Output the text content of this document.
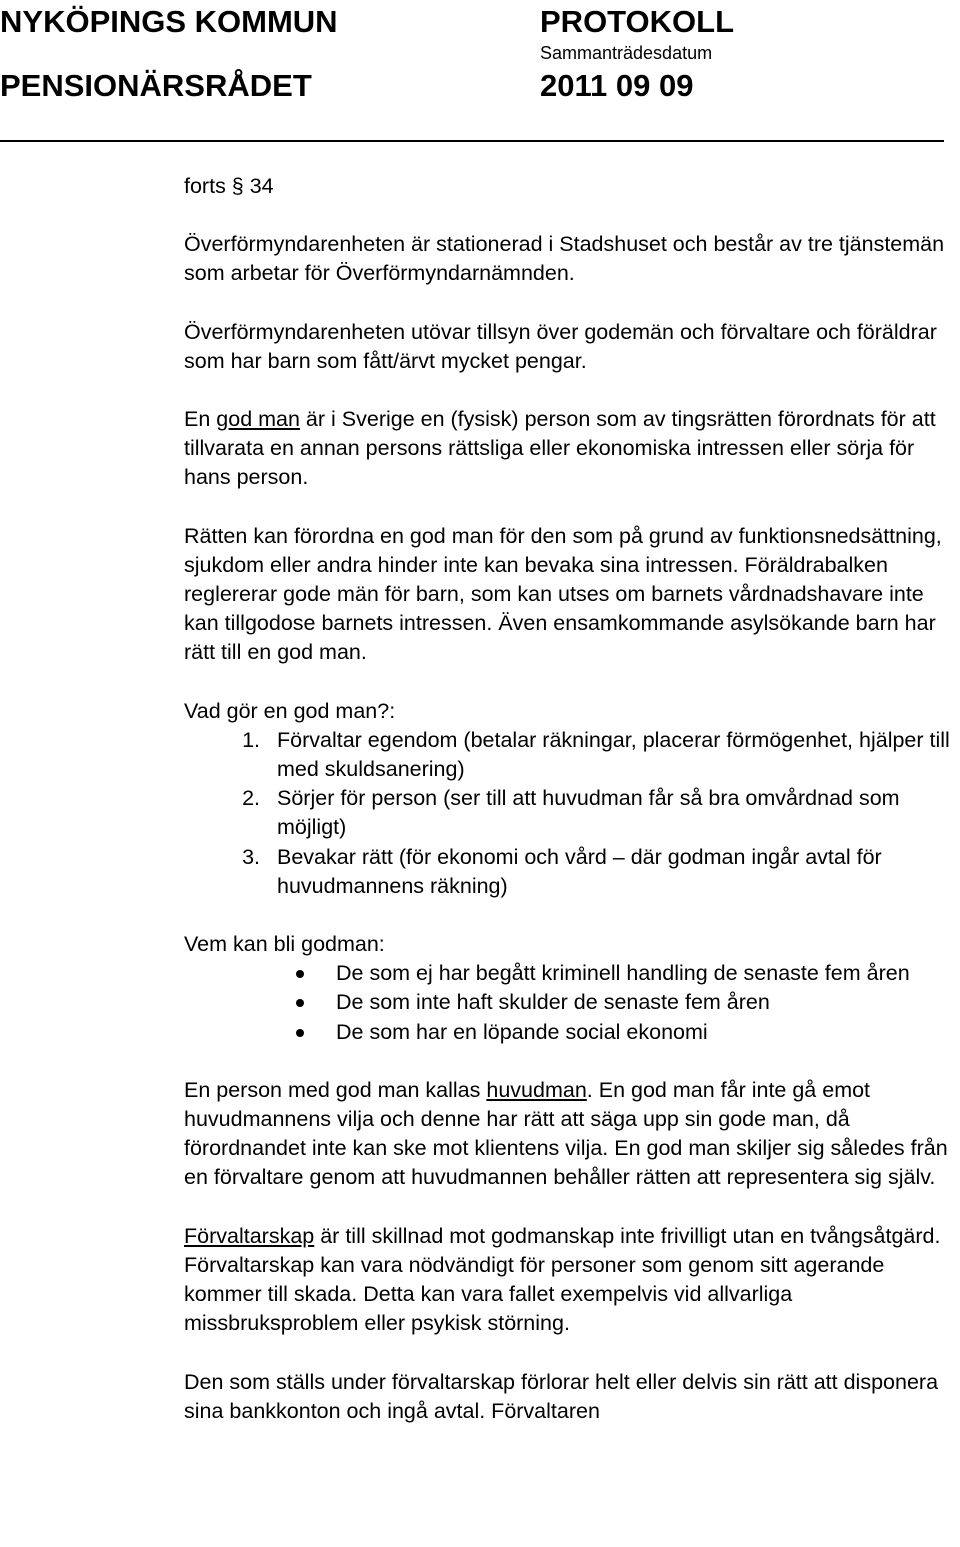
NYKÖPINGS KOMMUN	PROTOKOLL
Sammanträdesdatum
PENSIONÄRSRÅDET	2011 09 09

forts § 34

Överförmyndarenheten är stationerad i Stadshuset och består av tre tjänstemän som arbetar för Överförmyndarnämnden.

Överförmyndarenheten utövar tillsyn över godemän och förvaltare och föräldrar som har barn som fått/ärvt mycket pengar.

En god man är i Sverige en (fysisk) person som av tingsrätten förordnats för att tillvarata en annan persons rättsliga eller ekonomiska intressen eller sörja för hans person.

Rätten kan förordna en god man för den som på grund av funktionsnedsättning, sjukdom eller andra hinder inte kan bevaka sina intressen. Föräldrabalken reglererar gode män för barn, som kan utses om barnets vårdnadshavare inte kan tillgodose barnets intressen. Även ensamkommande asylsökande barn har rätt till en god man.

Vad gör en god man?:

1. Förvaltar egendom (betalar räkningar, placerar förmögenhet, hjälper till med skuldsanering)
2. Sörjer för person (ser till att huvudman får så bra omvårdnad som möjligt)
3. Bevakar rätt (för ekonomi och vård – där godman ingår avtal för huvudmannens räkning)

Vem kan bli godman:

De som ej har begått kriminell handling de senaste fem åren
De som inte haft skulder de senaste fem åren
De som har en löpande social ekonomi

En person med god man kallas huvudman. En god man får inte gå emot huvudmannens vilja och denne har rätt att säga upp sin gode man, då förordnandet inte kan ske mot klientens vilja. En god man skiljer sig således från en förvaltare genom att huvudmannen behåller rätten att representera sig själv.

Förvaltarskap är till skillnad mot godmanskap inte frivilligt utan en tvångsåtgärd. Förvaltarskap kan vara nödvändigt för personer som genom sitt agerande kommer till skada. Detta kan vara fallet exempelvis vid allvarliga missbruksproblem eller psykisk störning.

Den som ställs under förvaltarskap förlorar helt eller delvis sin rätt att disponera sina bankkonton och ingå avtal. Förvaltaren
